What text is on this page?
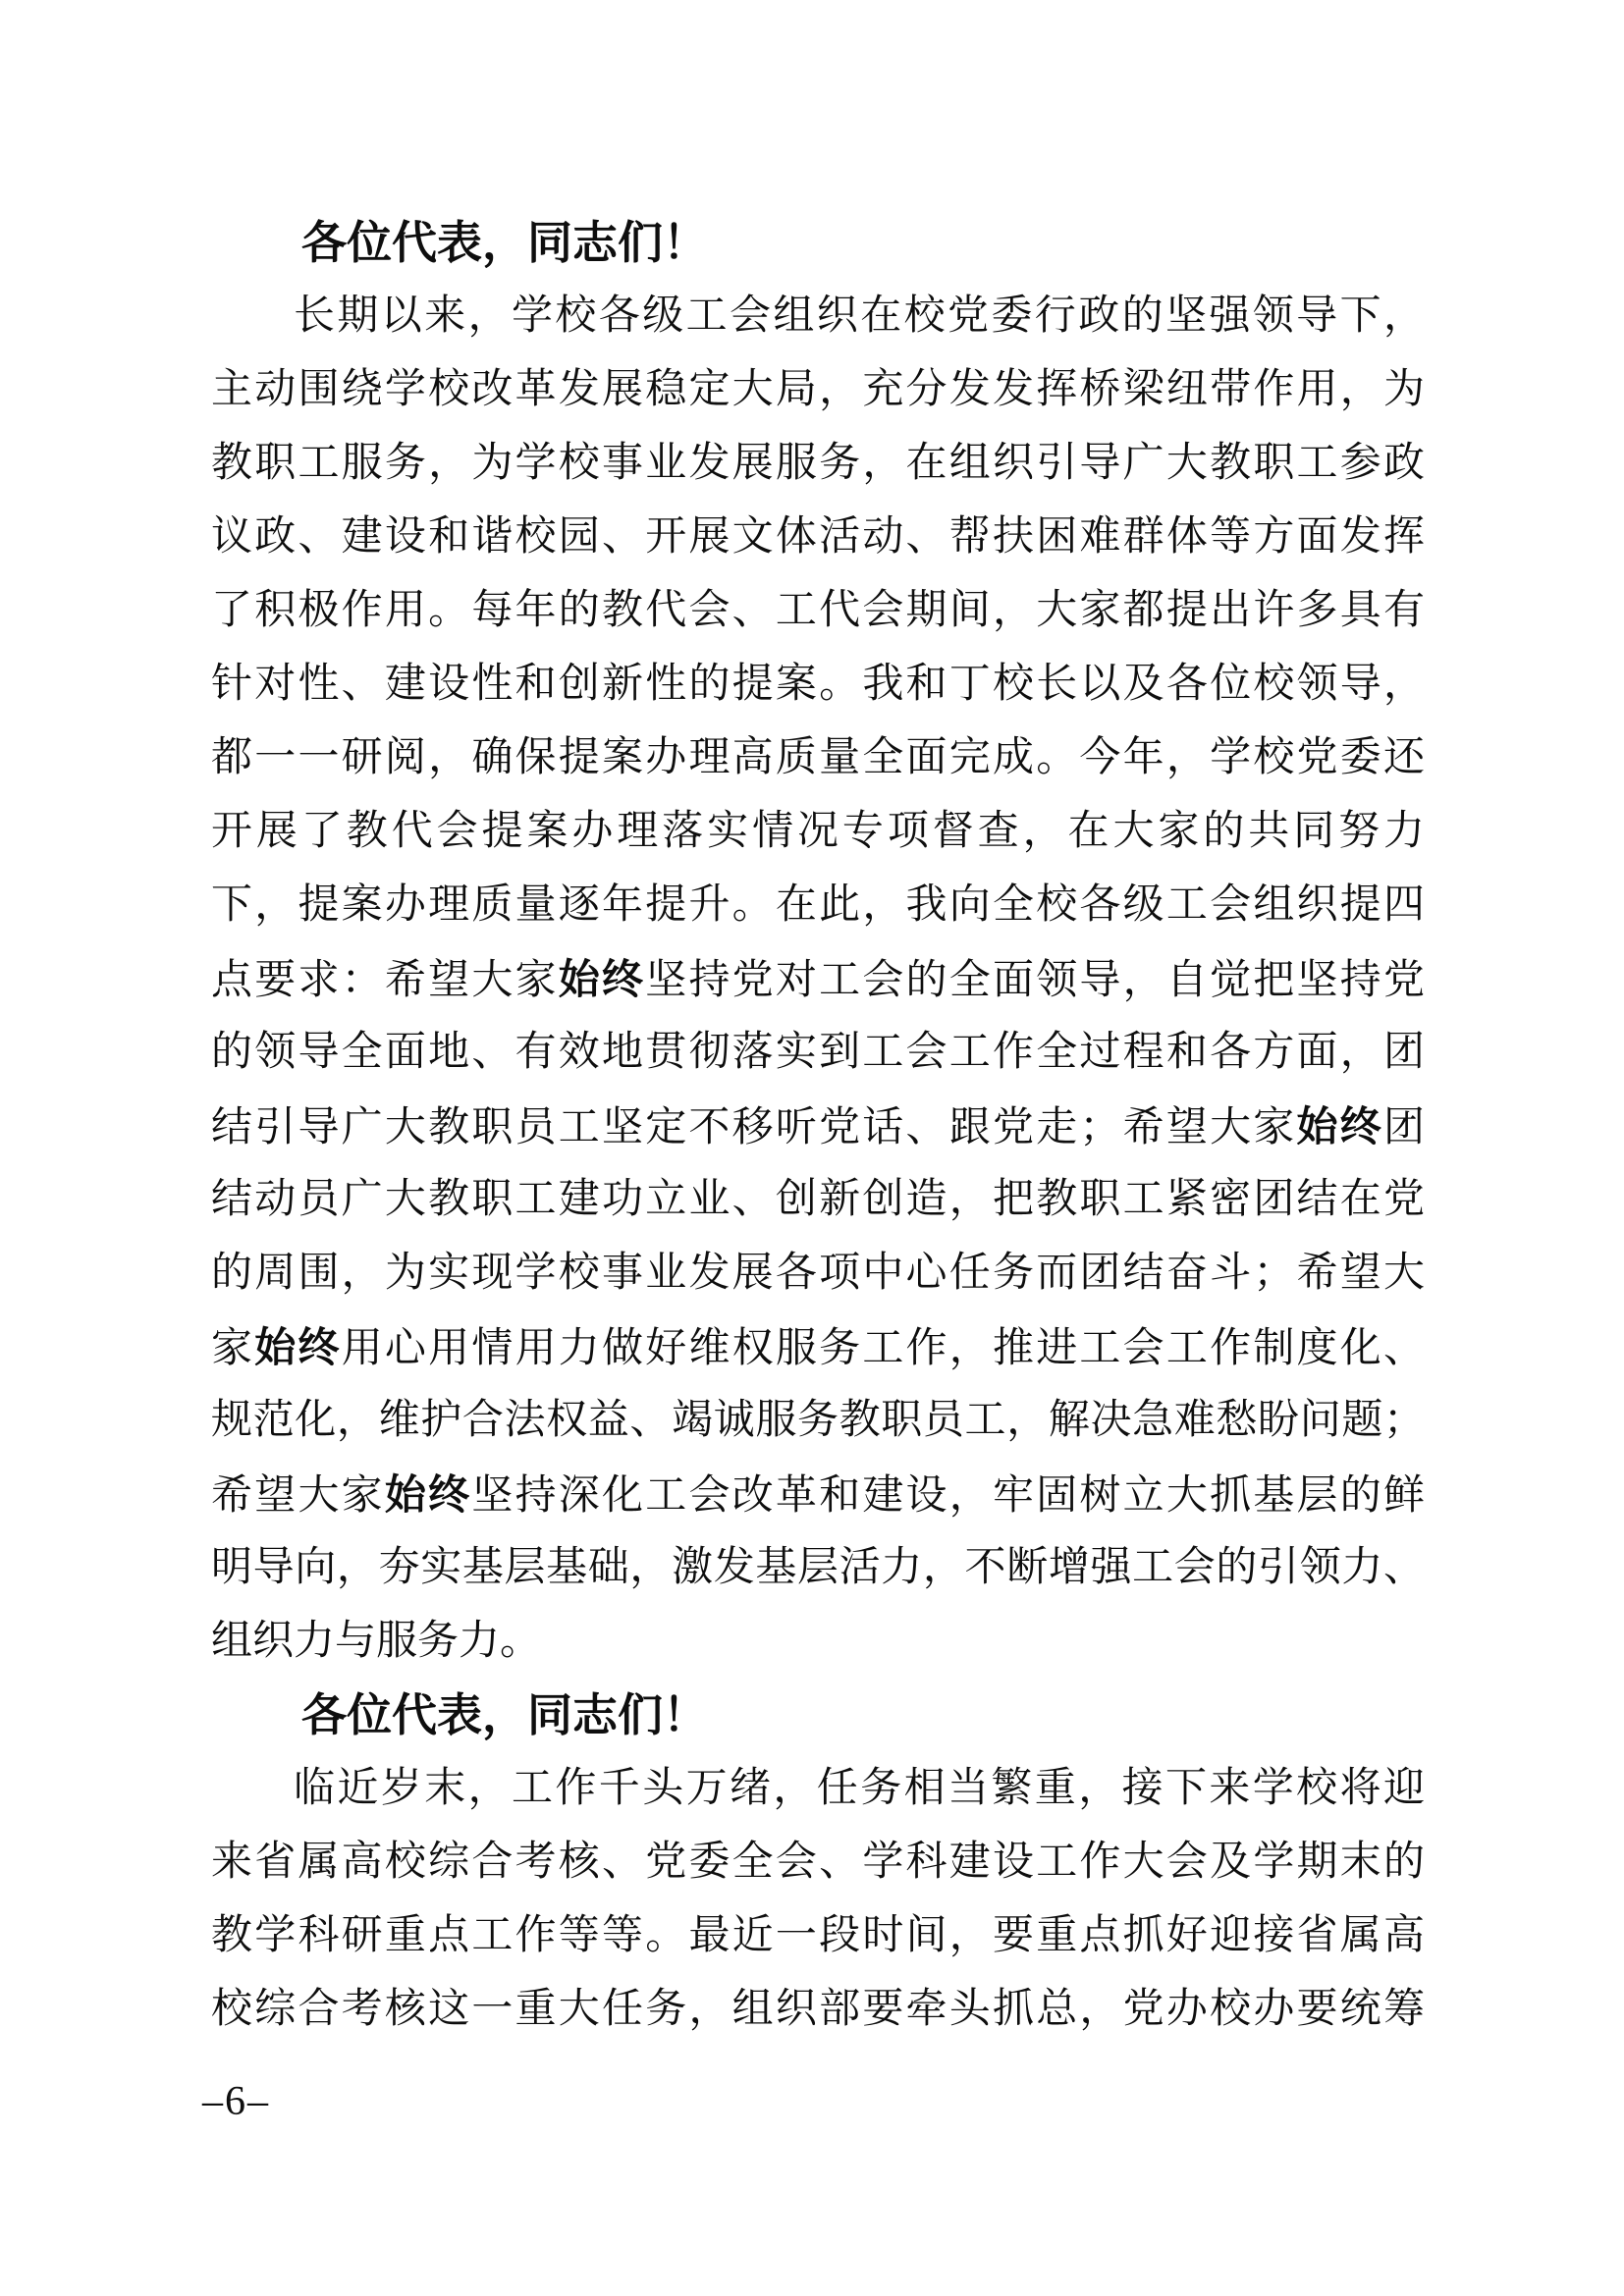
各位代表，同志们！
长期以来，学校各级工会组织在校党委行政的坚强领导下，
主动围绕学校改革发展稳定大局，充分发发挥桥梁纽带作用，为
教职工服务，为学校事业发展服务，在组织引导广大教职工参政
议政、建设和谐校园、开展文体活动、帮扶困难群体等方面发挥
了积极作用。每年的教代会、工代会期间，大家都提出许多具有
针对性、建设性和创新性的提案。我和丁校长以及各位校领导，
都一一研阅，确保提案办理高质量全面完成。今年，学校党委还
开展了教代会提案办理落实情况专项督查，在大家的共同努力
下，提案办理质量逐年提升。在此，我向全校各级工会组织提四
点要求：希望大家始终坚持党对工会的全面领导，自觉把坚持党
的领导全面地、有效地贯彻落实到工会工作全过程和各方面，团
结引导广大教职员工坚定不移听党话、跟党走；希望大家始终团
结动员广大教职工建功立业、创新创造，把教职工紧密团结在党
的周围，为实现学校事业发展各项中心任务而团结奋斗；希望大
家始终用心用情用力做好维权服务工作，推进工会工作制度化、
规范化，维护合法权益、竭诚服务教职员工，解决急难愁盼问题；
希望大家始终坚持深化工会改革和建设，牢固树立大抓基层的鲜
明导向，夯实基层基础，激发基层活力，不断增强工会的引领力、
组织力与服务力。
各位代表，同志们！
临近岁末，工作千头万绪，任务相当繁重，接下来学校将迎
来省属高校综合考核、党委全会、学科建设工作大会及学期末的
教学科研重点工作等等。最近一段时间，要重点抓好迎接省属高
校综合考核这一重大任务，组织部要牵头抓总，党办校办要统筹
–6–
